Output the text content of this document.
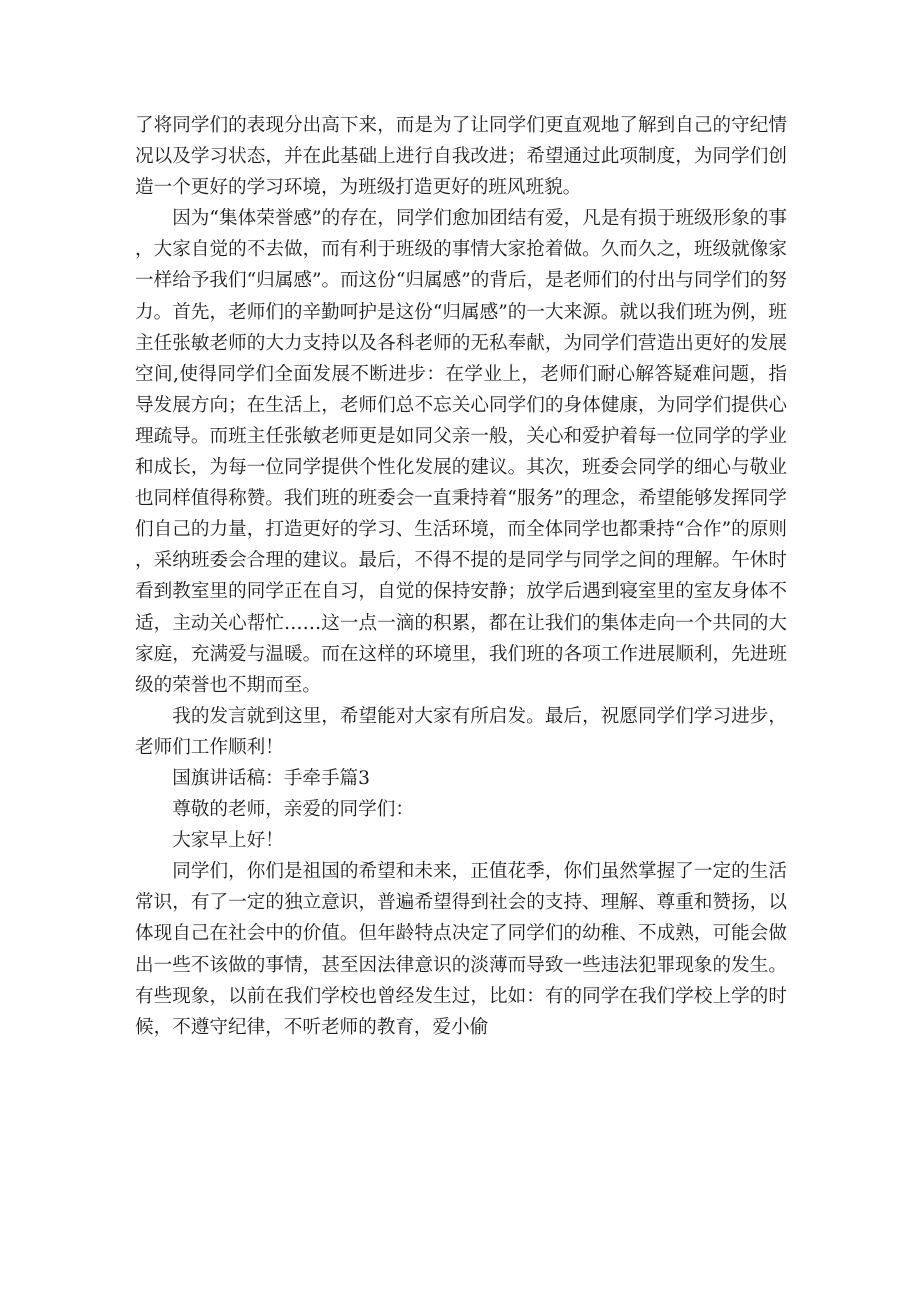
了将同学们的表现分出高下来，而是为了让同学们更直观地了解到自己的守纪情况以及学习状态，并在此基础上进行自我改进；希望通过此项制度，为同学们创造一个更好的学习环境，为班级打造更好的班风班貌。

因为“集体荣誉感”的存在，同学们愈加团结有爱，凡是有损于班级形象的事，大家自觉的不去做，而有利于班级的事情大家抢着做。久而久之，班级就像家一样给予我们“归属感”。而这份“归属感”的背后，是老师们的付出与同学们的努力。首先，老师们的辛勤呵护是这份“归属感”的一大来源。就以我们班为例，班主任张敏老师的大力支持以及各科老师的无私奉献，为同学们营造出更好的发展空间,使得同学们全面发展不断进步：在学业上，老师们耐心解答疑难问题，指导发展方向；在生活上，老师们总不忘关心同学们的身体健康，为同学们提供心理疏导。而班主任张敏老师更是如同父亲一般，关心和爱护着每一位同学的学业和成长，为每一位同学提供个性化发展的建议。其次，班委会同学的细心与敬业也同样值得称赞。我们班的班委会一直秉持着“服务”的理念，希望能够发挥同学们自己的力量，打造更好的学习、生活环境，而全体同学也都秉持“合作”的原则，采纳班委会合理的建议。最后，不得不提的是同学与同学之间的理解。午休时看到教室里的同学正在自习，自觉的保持安静；放学后遇到寝室里的室友身体不适，主动关心帮忙……这一点一滴的积累，都在让我们的集体走向一个共同的大家庭，充满爱与温暖。而在这样的环境里，我们班的各项工作进展顺利，先进班级的荣誉也不期而至。

我的发言就到这里，希望能对大家有所启发。最后，祝愿同学们学习进步，老师们工作顺利！

国旗讲话稿：手牵手篇3

尊敬的老师，亲爱的同学们：

大家早上好！

同学们，你们是祖国的希望和未来，正值花季，你们虽然掌握了一定的生活常识，有了一定的独立意识，普遍希望得到社会的支持、理解、尊重和赞扬，以体现自己在社会中的价值。但年龄特点决定了同学们的幼稚、不成熟，可能会做出一些不该做的事情，甚至因法律意识的淡薄而导致一些违法犯罪现象的发生。有些现象，以前在我们学校也曾经发生过，比如：有的同学在我们学校上学的时候，不遵守纪律，不听老师的教育，爱小偷
